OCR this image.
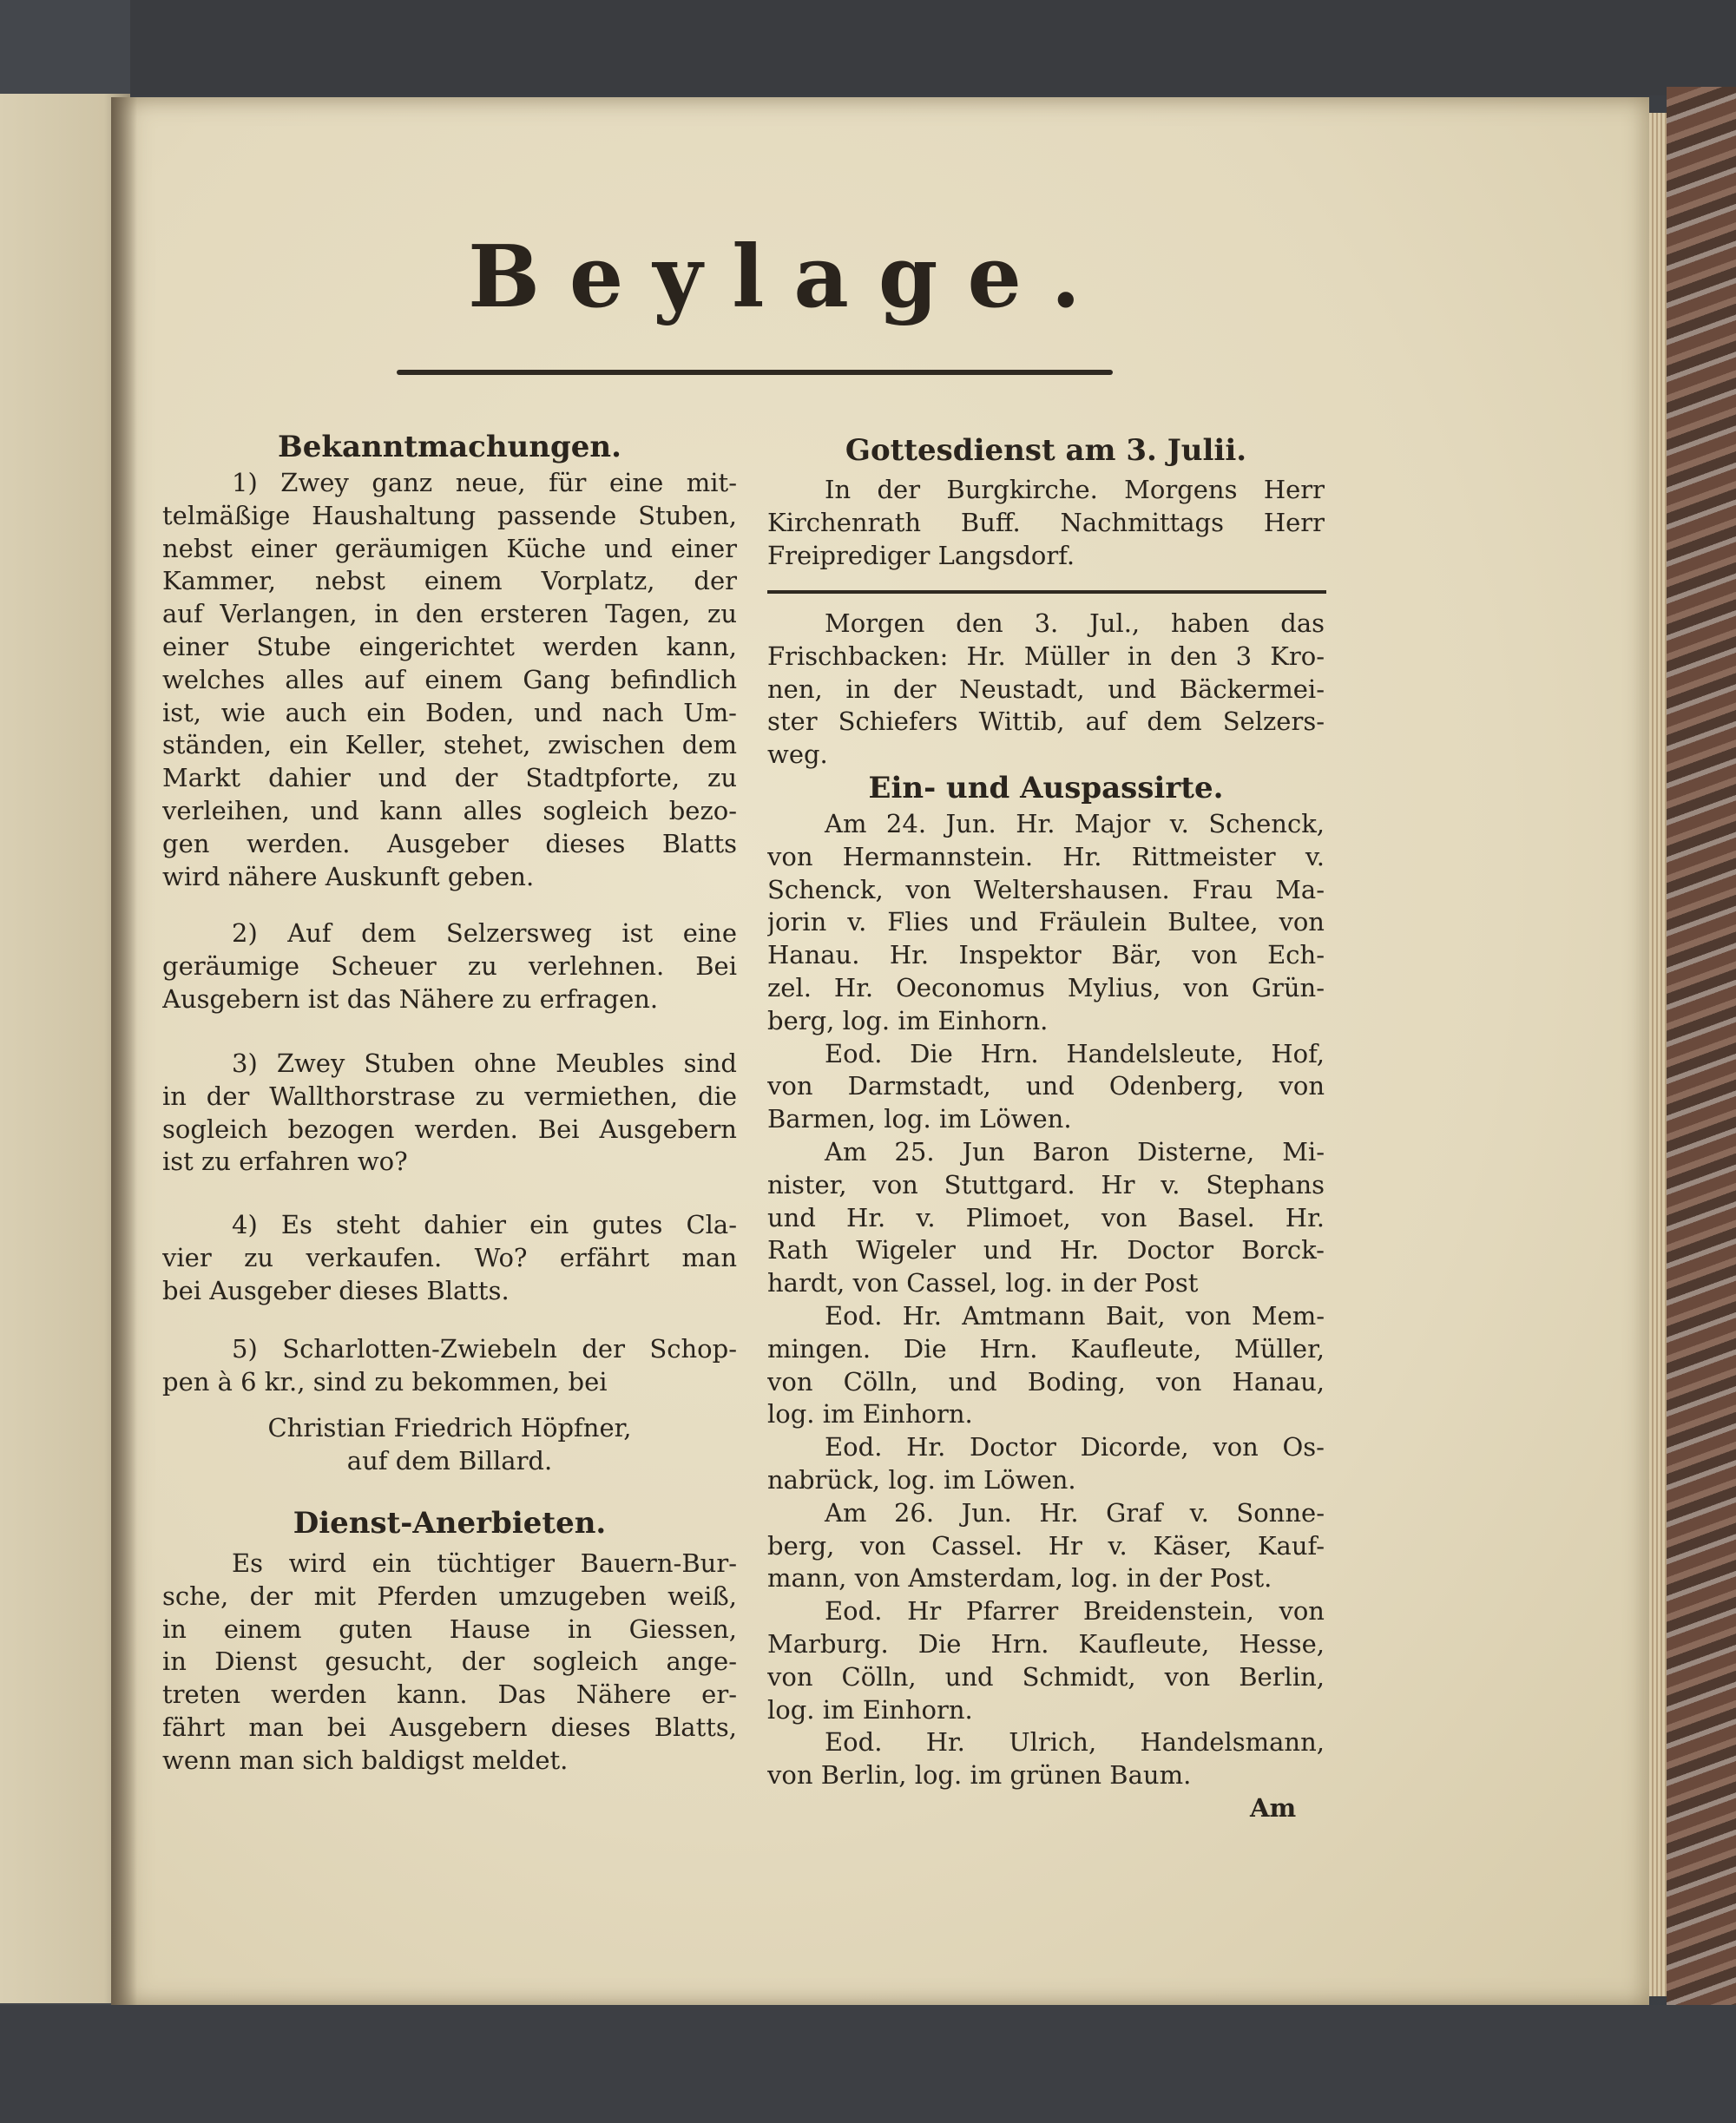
Beylage.
Bekanntmachungen.
1) Zwey ganz neue, für eine mit-
telmäßige Haushaltung passende Stuben,
nebst einer geräumigen Küche und einer
Kammer, nebst einem Vorplatz, der
auf Verlangen, in den ersteren Tagen, zu
einer Stube eingerichtet werden kann,
welches alles auf einem Gang befindlich
ist, wie auch ein Boden, und nach Um-
ständen, ein Keller, stehet, zwischen dem
Markt dahier und der Stadtpforte, zu
verleihen, und kann alles sogleich bezo-
gen werden. Ausgeber dieses Blatts
wird nähere Auskunft geben.
2) Auf dem Selzersweg ist eine
geräumige Scheuer zu verlehnen. Bei
Ausgebern ist das Nähere zu erfragen.
3) Zwey Stuben ohne Meubles sind
in der Wallthorstrase zu vermiethen, die
sogleich bezogen werden. Bei Ausgebern
ist zu erfahren wo?
4) Es steht dahier ein gutes Cla-
vier zu verkaufen. Wo? erfährt man
bei Ausgeber dieses Blatts.
5) Scharlotten-Zwiebeln der Schop-
pen à 6 kr., sind zu bekommen, bei
Christian Friedrich Höpfner,
auf dem Billard.
Dienst-Anerbieten.
Es wird ein tüchtiger Bauern-Bur-
sche, der mit Pferden umzugeben weiß,
in einem guten Hause in Giessen,
in Dienst gesucht, der sogleich ange-
treten werden kann. Das Nähere er-
fährt man bei Ausgebern dieses Blatts,
wenn man sich baldigst meldet.
Gottesdienst am 3. Julii.
In der Burgkirche. Morgens Herr
Kirchenrath Buff. Nachmittags Herr
Freiprediger Langsdorf.
Morgen den 3. Jul., haben das
Frischbacken: Hr. Müller in den 3 Kro-
nen, in der Neustadt, und Bäckermei-
ster Schiefers Wittib, auf dem Selzers-
weg.
Ein- und Auspassirte.
Am 24. Jun. Hr. Major v. Schenck,
von Hermannstein. Hr. Rittmeister v.
Schenck, von Weltershausen. Frau Ma-
jorin v. Flies und Fräulein Bultee, von
Hanau. Hr. Inspektor Bär, von Ech-
zel. Hr. Oeconomus Mylius, von Grün-
berg, log. im Einhorn.
Eod. Die Hrn. Handelsleute, Hof,
von Darmstadt, und Odenberg, von
Barmen, log. im Löwen.
Am 25. Jun Baron Disterne, Mi-
nister, von Stuttgard. Hr v. Stephans
und Hr. v. Plimoet, von Basel. Hr.
Rath Wigeler und Hr. Doctor Borck-
hardt, von Cassel, log. in der Post
Eod. Hr. Amtmann Bait, von Mem-
mingen. Die Hrn. Kaufleute, Müller,
von Cölln, und Boding, von Hanau,
log. im Einhorn.
Eod. Hr. Doctor Dicorde, von Os-
nabrück, log. im Löwen.
Am 26. Jun. Hr. Graf v. Sonne-
berg, von Cassel. Hr v. Käser, Kauf-
mann, von Amsterdam, log. in der Post.
Eod. Hr Pfarrer Breidenstein, von
Marburg. Die Hrn. Kaufleute, Hesse,
von Cölln, und Schmidt, von Berlin,
log. im Einhorn.
Eod. Hr. Ulrich, Handelsmann,
von Berlin, log. im grünen Baum.
Am
